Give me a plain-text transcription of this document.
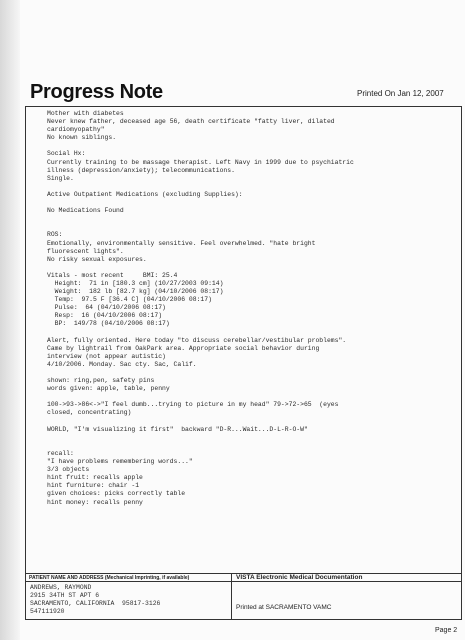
Progress Note	Printed On Jan 12, 2007
Mother with diabetes
Never knew father, deceased age 56, death certificate "fatty liver, dilated
cardiomyopathy"
No known siblings.
Social Hx:
Currently training to be massage therapist. Left Navy in 1999 due to psychiatric
illness (depression/anxiety); telecommunications.
Single.
Active Outpatient Medications (excluding Supplies):
No Medications Found
ROS:
Emotionally, environmentally sensitive. Feel overwhelmed. "hate bright
fluorescent lights".
No risky sexual exposures.
Vitals - most recent     BMI: 25.4
Height:  71 in [180.3 cm] (10/27/2003 09:14)
Weight:  182 lb [82.7 kg] (04/10/2006 08:17)
Temp:  97.5 F [36.4 C] (04/10/2006 08:17)
Pulse:  64 (04/10/2006 08:17)
Resp:  16 (04/10/2006 08:17)
BP:  149/78 (04/10/2006 08:17)
Alert, fully oriented. Here today "to discuss cerebellar/vestibular problems".
Came by lightrail from OakPark area. Appropriate social behavior during
interview (not appear autistic)
4/10/2006. Monday. Sac cty. Sac, Calif.
shown: ring,pen, safety pins
words given: apple, table, penny
100->93->86<->"I feel dumb...trying to picture in my head" 79->72->65  (eyes
closed, concentrating)
WORLD, "I'm visualizing it first"  backward "D-R...Wait...D-L-R-O-W"
recall:
"I have problems remembering words..."
3/3 objects
hint fruit: recalls apple
hint furniture: chair -1
given choices: picks correctly table
hint money: recalls penny
PATIENT NAME AND ADDRESS (Mechanical Imprinting, if available)	VISTA Electronic Medical Documentation
ANDREWS, RAYMOND
2915 34TH ST APT 6
SACRAMENTO, CALIFORNIA  95817-3126
547111920
Printed at SACRAMENTO VAMC
Page 2
